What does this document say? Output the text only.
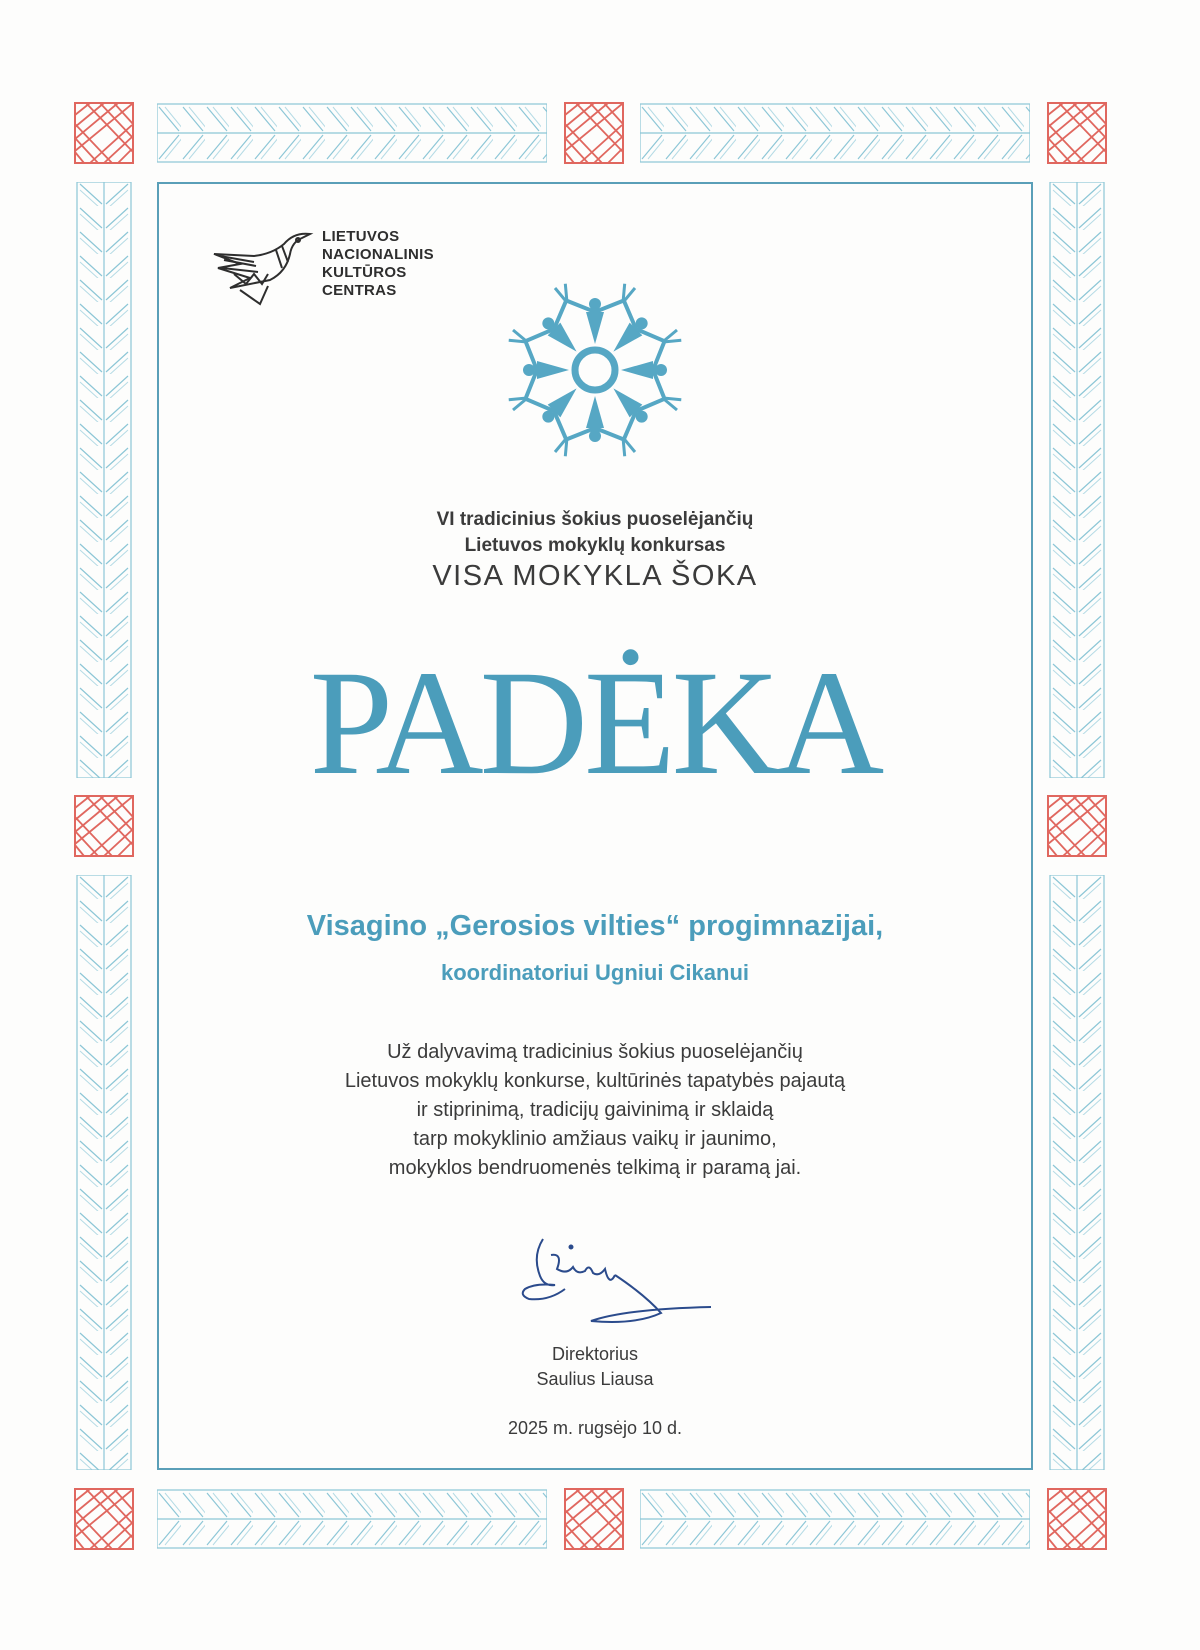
LIETUVOS
NACIONALINIS
KULTŪROS
CENTRAS
VI tradicinius šokius puoselėjančių
Lietuvos mokyklų konkursas
VISA MOKYKLA ŠOKA
PADĖKA
Visagino „Gerosios vilties“ progimnazijai,
koordinatoriui Ugniui Cikanui
Už dalyvavimą tradicinius šokius puoselėjančių
Lietuvos mokyklų konkurse, kultūrinės tapatybės pajautą
ir stiprinimą, tradicijų gaivinimą ir sklaidą
tarp mokyklinio amžiaus vaikų ir jaunimo,
mokyklos bendruomenės telkimą ir paramą jai.
Direktorius
Saulius Liausa
2025 m. rugsėjo 10 d.
